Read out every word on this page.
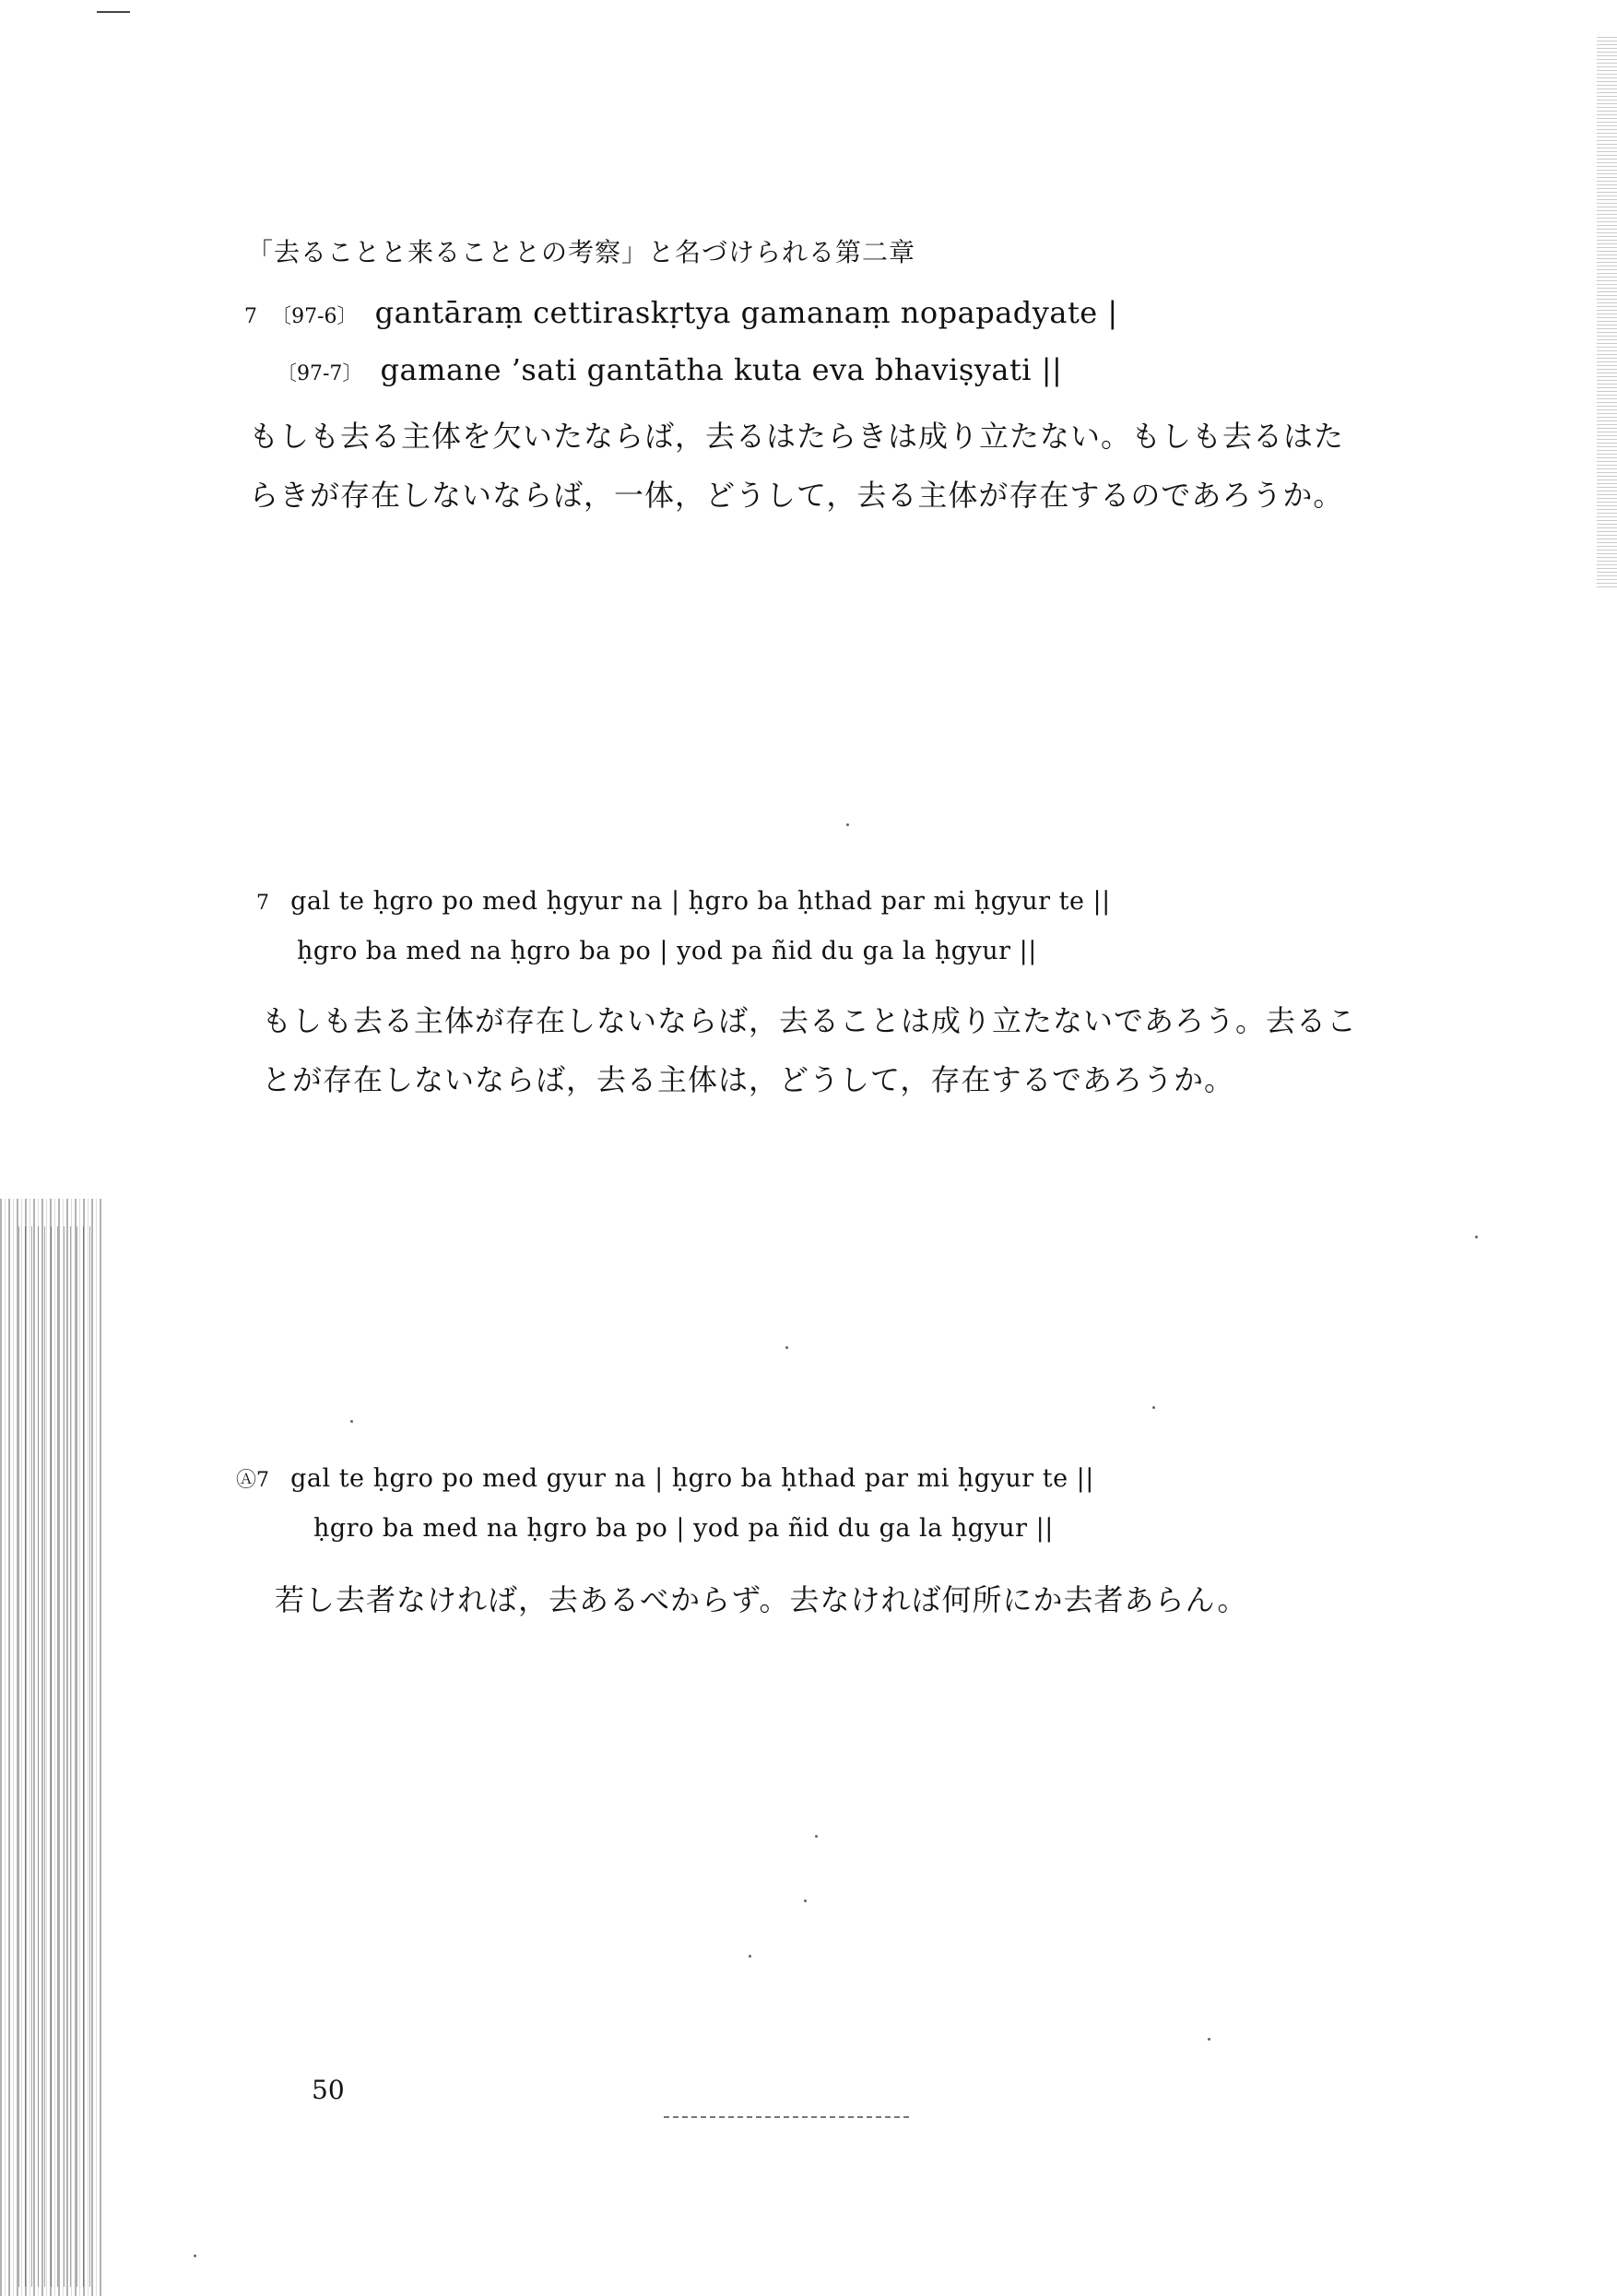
「去ることと来ることとの考察」と名づけられる第二章
7 〔97-6〕 gantāraṃ cettiraskṛtya gamanaṃ nopapadyate |
〔97-7〕 gamane ’sati gantātha kuta eva bhaviṣyati ||
もしも去る主体を欠いたならば，去るはたらきは成り立たない。もしも去るはた
らきが存在しないならば，一体，どうして，去る主体が存在するのであろうか。
7 gal te ḥgro po med ḥgyur na | ḥgro ba ḥthad par mi ḥgyur te ||
ḥgro ba med na ḥgro ba po | yod pa ñid du ga la ḥgyur ||
もしも去る主体が存在しないならば，去ることは成り立たないであろう。去るこ
とが存在しないならば，去る主体は，どうして，存在するであろうか。
Ⓐ7 gal te ḥgro po med gyur na | ḥgro ba ḥthad par mi ḥgyur te ||
ḥgro ba med na ḥgro ba po | yod pa ñid du ga la ḥgyur ||
若し去者なければ，去あるべからず。去なければ何所にか去者あらん。
50
